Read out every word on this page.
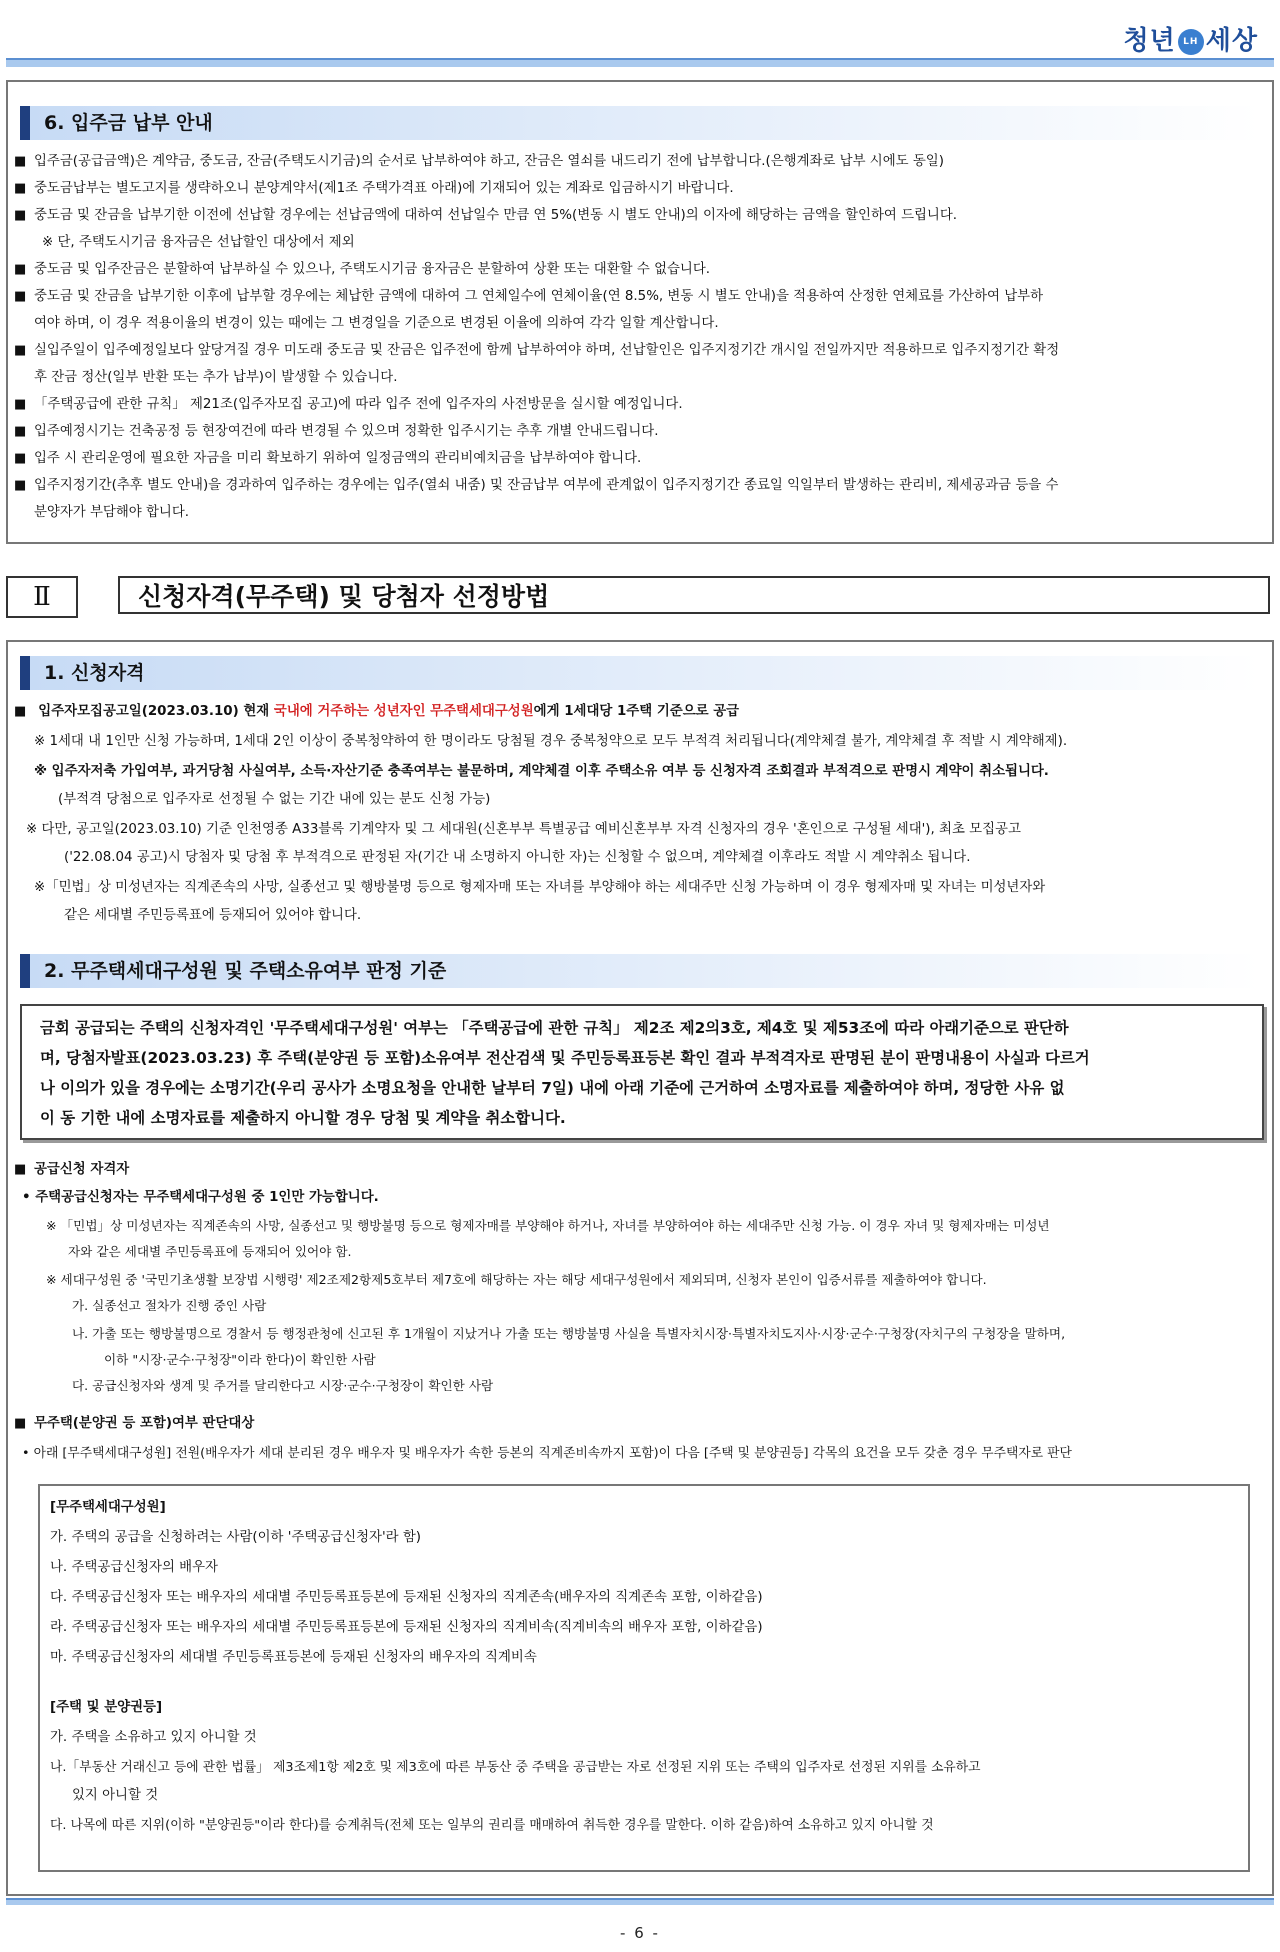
청년 LH 세상
6. 입주금 납부 안내
■ 입주금(공급금액)은 계약금, 중도금, 잔금(주택도시기금)의 순서로 납부하여야 하고, 잔금은 열쇠를 내드리기 전에 납부합니다.(은행계좌로 납부 시에도 동일)
■ 중도금납부는 별도고지를 생략하오니 분양계약서(제1조 주택가격표 아래)에 기재되어 있는 계좌로 입금하시기 바랍니다.
■ 중도금 및 잔금을 납부기한 이전에 선납할 경우에는 선납금액에 대하여 선납일수 만큼 연 5%(변동 시 별도 안내)의 이자에 해당하는 금액을 할인하여 드립니다.
※ 단, 주택도시기금 융자금은 선납할인 대상에서 제외
■ 중도금 및 입주잔금은 분할하여 납부하실 수 있으나, 주택도시기금 융자금은 분할하여 상환 또는 대환할 수 없습니다.
■ 중도금 및 잔금을 납부기한 이후에 납부할 경우에는 체납한 금액에 대하여 그 연체일수에 연체이율(연 8.5%, 변동 시 별도 안내)을 적용하여 산정한 연체료를 가산하여 납부하
여야 하며, 이 경우 적용이율의 변경이 있는 때에는 그 변경일을 기준으로 변경된 이율에 의하여 각각 일할 계산합니다.
■ 실입주일이 입주예정일보다 앞당겨질 경우 미도래 중도금 및 잔금은 입주전에 함께 납부하여야 하며, 선납할인은 입주지정기간 개시일 전일까지만 적용하므로 입주지정기간 확정
후 잔금 정산(일부 반환 또는 추가 납부)이 발생할 수 있습니다.
■ 「주택공급에 관한 규칙」 제21조(입주자모집 공고)에 따라 입주 전에 입주자의 사전방문을 실시할 예정입니다.
■ 입주예정시기는 건축공정 등 현장여건에 따라 변경될 수 있으며 정확한 입주시기는 추후 개별 안내드립니다.
■ 입주 시 관리운영에 필요한 자금을 미리 확보하기 위하여 일정금액의 관리비예치금을 납부하여야 합니다.
■ 입주지정기간(추후 별도 안내)을 경과하여 입주하는 경우에는 입주(열쇠 내줌) 및 잔금납부 여부에 관계없이 입주지정기간 종료일 익일부터 발생하는 관리비, 제세공과금 등을 수
분양자가 부담해야 합니다.
Ⅱ	신청자격(무주택) 및 당첨자 선정방법
1. 신청자격
■ 입주자모집공고일(2023.03.10) 현재 국내에 거주하는 성년자인 무주택세대구성원에게 1세대당 1주택 기준으로 공급
※ 1세대 내 1인만 신청 가능하며, 1세대 2인 이상이 중복청약하여 한 명이라도 당첨될 경우 중복청약으로 모두 부적격 처리됩니다(계약체결 불가, 계약체결 후 적발 시 계약해제).
※ 입주자저축 가입여부, 과거당첨 사실여부, 소득·자산기준 충족여부는 불문하며, 계약체결 이후 주택소유 여부 등 신청자격 조회결과 부적격으로 판명시 계약이 취소됩니다.
(부적격 당첨으로 입주자로 선정될 수 없는 기간 내에 있는 분도 신청 가능)
※ 다만, 공고일(2023.03.10) 기준 인천영종 A33블록 기계약자 및 그 세대원(신혼부부 특별공급 예비신혼부부 자격 신청자의 경우 '혼인으로 구성될 세대'), 최초 모집공고
('22.08.04 공고)시 당첨자 및 당첨 후 부적격으로 판정된 자(기간 내 소명하지 아니한 자)는 신청할 수 없으며, 계약체결 이후라도 적발 시 계약취소 됩니다.
※「민법」상 미성년자는 직계존속의 사망, 실종선고 및 행방불명 등으로 형제자매 또는 자녀를 부양해야 하는 세대주만 신청 가능하며 이 경우 형제자매 및 자녀는 미성년자와
같은 세대별 주민등록표에 등재되어 있어야 합니다.
2. 무주택세대구성원 및 주택소유여부 판정 기준
금회 공급되는 주택의 신청자격인 '무주택세대구성원' 여부는 「주택공급에 관한 규칙」 제2조 제2의3호, 제4호 및 제53조에 따라 아래기준으로 판단하
며, 당첨자발표(2023.03.23) 후 주택(분양권 등 포함)소유여부 전산검색 및 주민등록표등본 확인 결과 부적격자로 판명된 분이 판명내용이 사실과 다르거
나 이의가 있을 경우에는 소명기간(우리 공사가 소명요청을 안내한 날부터 7일) 내에 아래 기준에 근거하여 소명자료를 제출하여야 하며, 정당한 사유 없
이 동 기한 내에 소명자료를 제출하지 아니할 경우 당첨 및 계약을 취소합니다.
■ 공급신청 자격자
• 주택공급신청자는 무주택세대구성원 중 1인만 가능합니다.
※ 「민법」상 미성년자는 직계존속의 사망, 실종선고 및 행방불명 등으로 형제자매를 부양해야 하거나, 자녀를 부양하여야 하는 세대주만 신청 가능. 이 경우 자녀 및 형제자매는 미성년
자와 같은 세대별 주민등록표에 등재되어 있어야 함.
※ 세대구성원 중 '국민기초생활 보장법 시행령' 제2조제2항제5호부터 제7호에 해당하는 자는 해당 세대구성원에서 제외되며, 신청자 본인이 입증서류를 제출하여야 합니다.
가. 실종선고 절차가 진행 중인 사람
나. 가출 또는 행방불명으로 경찰서 등 행정관청에 신고된 후 1개월이 지났거나 가출 또는 행방불명 사실을 특별자치시장·특별자치도지사·시장·군수·구청장(자치구의 구청장을 말하며,
이하 "시장·군수·구청장"이라 한다)이 확인한 사람
다. 공급신청자와 생계 및 주거를 달리한다고 시장·군수·구청장이 확인한 사람
■ 무주택(분양권 등 포함)여부 판단대상
• 아래 [무주택세대구성원] 전원(배우자가 세대 분리된 경우 배우자 및 배우자가 속한 등본의 직계존비속까지 포함)이 다음 [주택 및 분양권등] 각목의 요건을 모두 갖춘 경우 무주택자로 판단
[무주택세대구성원]
가. 주택의 공급을 신청하려는 사람(이하 '주택공급신청자'라 함)
나. 주택공급신청자의 배우자
다. 주택공급신청자 또는 배우자의 세대별 주민등록표등본에 등재된 신청자의 직계존속(배우자의 직계존속 포함, 이하같음)
라. 주택공급신청자 또는 배우자의 세대별 주민등록표등본에 등재된 신청자의 직계비속(직계비속의 배우자 포함, 이하같음)
마. 주택공급신청자의 세대별 주민등록표등본에 등재된 신청자의 배우자의 직계비속
[주택 및 분양권등]
가. 주택을 소유하고 있지 아니할 것
나.「부동산 거래신고 등에 관한 법률」 제3조제1항 제2호 및 제3호에 따른 부동산 중 주택을 공급받는 자로 선정된 지위 또는 주택의 입주자로 선정된 지위를 소유하고
있지 아니할 것
다. 나목에 따른 지위(이하 "분양권등"이라 한다)를 승계취득(전체 또는 일부의 권리를 매매하여 취득한 경우를 말한다. 이하 같음)하여 소유하고 있지 아니할 것
- 6 -
